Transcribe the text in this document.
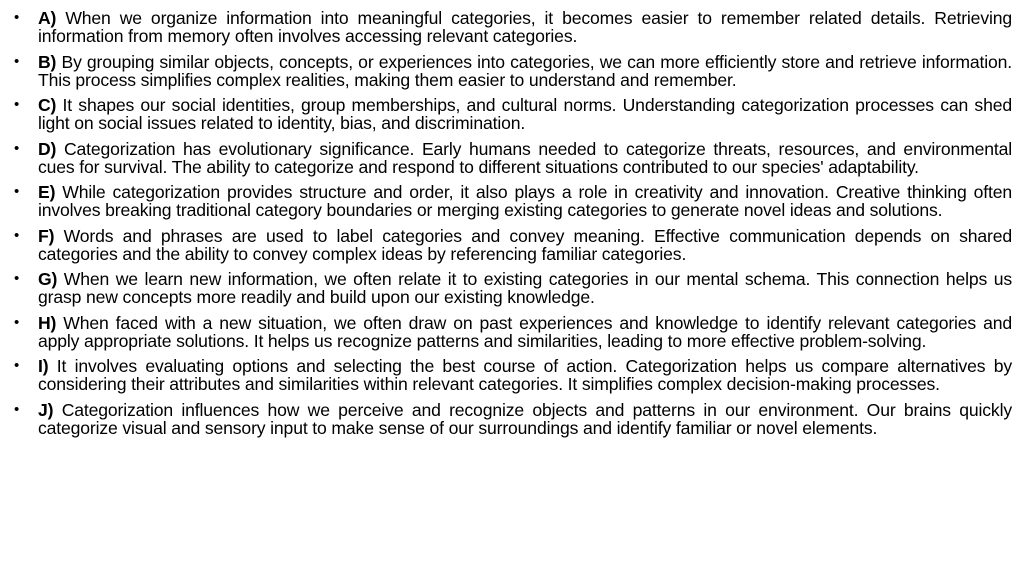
• A) When we organize information into meaningful categories, it becomes easier to remember related details. Retrieving information from memory often involves accessing relevant categories.
• B) By grouping similar objects, concepts, or experiences into categories, we can more efficiently store and retrieve information. This process simplifies complex realities, making them easier to understand and remember.
• C) It shapes our social identities, group memberships, and cultural norms. Understanding categorization processes can shed light on social issues related to identity, bias, and discrimination.
• D) Categorization has evolutionary significance. Early humans needed to categorize threats, resources, and environmental cues for survival. The ability to categorize and respond to different situations contributed to our species' adaptability.
• E) While categorization provides structure and order, it also plays a role in creativity and innovation. Creative thinking often involves breaking traditional category boundaries or merging existing categories to generate novel ideas and solutions.
• F) Words and phrases are used to label categories and convey meaning. Effective communication depends on shared categories and the ability to convey complex ideas by referencing familiar categories.
• G) When we learn new information, we often relate it to existing categories in our mental schema. This connection helps us grasp new concepts more readily and build upon our existing knowledge.
• H) When faced with a new situation, we often draw on past experiences and knowledge to identify relevant categories and apply appropriate solutions. It helps us recognize patterns and similarities, leading to more effective problem-solving.
• I) It involves evaluating options and selecting the best course of action. Categorization helps us compare alternatives by considering their attributes and similarities within relevant categories. It simplifies complex decision-making processes.
• J) Categorization influences how we perceive and recognize objects and patterns in our environment. Our brains quickly categorize visual and sensory input to make sense of our surroundings and identify familiar or novel elements.
